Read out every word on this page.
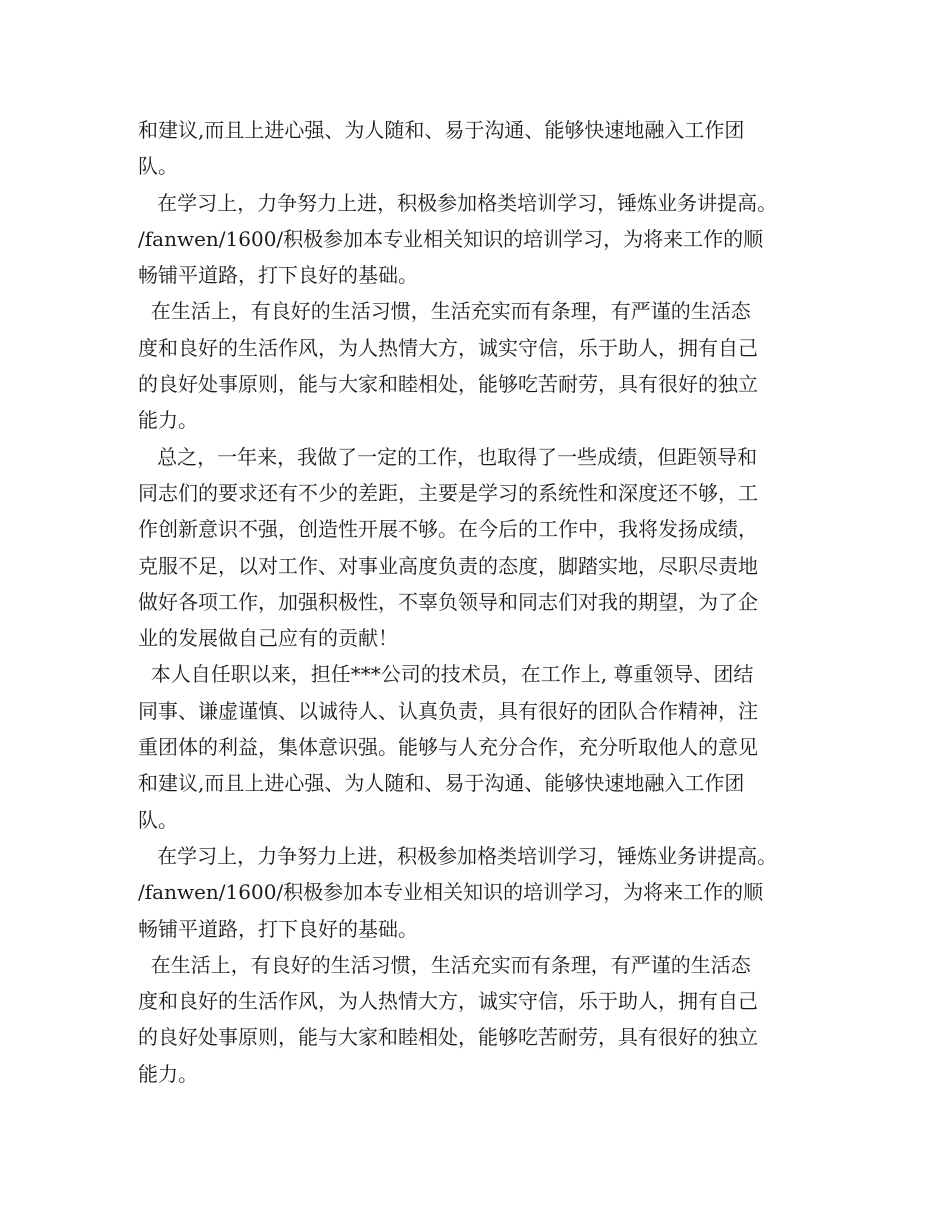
和建议,而且上进心强、为人随和、易于沟通、能够快速地融入工作团
队。
在学习上，力争努力上进，积极参加格类培训学习，锤炼业务讲提高。
/fanwen/1600/积极参加本专业相关知识的培训学习，为将来工作的顺
畅铺平道路，打下良好的基础。
在生活上，有良好的生活习惯，生活充实而有条理，有严谨的生活态
度和良好的生活作风，为人热情大方，诚实守信，乐于助人，拥有自己
的良好处事原则，能与大家和睦相处，能够吃苦耐劳，具有很好的独立
能力。
总之，一年来，我做了一定的工作，也取得了一些成绩，但距领导和
同志们的要求还有不少的差距，主要是学习的系统性和深度还不够，工
作创新意识不强，创造性开展不够。在今后的工作中，我将发扬成绩，
克服不足，以对工作、对事业高度负责的态度，脚踏实地，尽职尽责地
做好各项工作，加强积极性，不辜负领导和同志们对我的期望，为了企
业的发展做自己应有的贡献！
本人自任职以来，担任***公司的技术员，在工作上, 尊重领导、团结
同事、谦虚谨慎、以诚待人、认真负责，具有很好的团队合作精神，注
重团体的利益，集体意识强。能够与人充分合作，充分听取他人的意见
和建议,而且上进心强、为人随和、易于沟通、能够快速地融入工作团
队。
在学习上，力争努力上进，积极参加格类培训学习，锤炼业务讲提高。
/fanwen/1600/积极参加本专业相关知识的培训学习，为将来工作的顺
畅铺平道路，打下良好的基础。
在生活上，有良好的生活习惯，生活充实而有条理，有严谨的生活态
度和良好的生活作风，为人热情大方，诚实守信，乐于助人，拥有自己
的良好处事原则，能与大家和睦相处，能够吃苦耐劳，具有很好的独立
能力。
